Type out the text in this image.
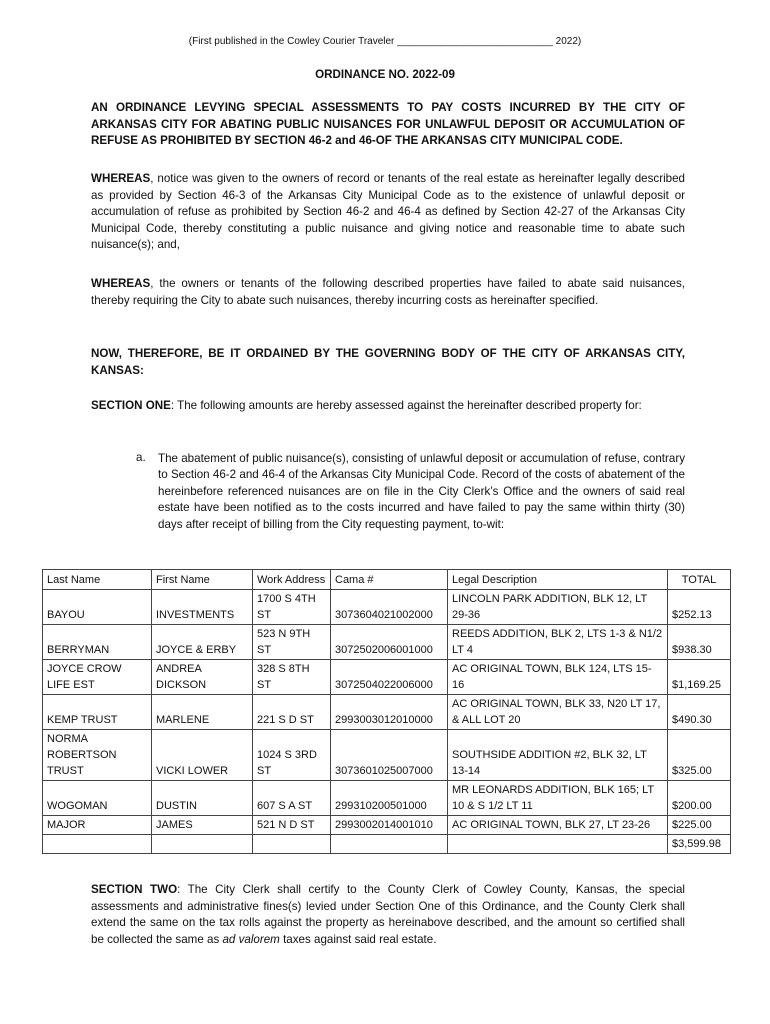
(First published in the Cowley Courier Traveler ____________________________ 2022)
ORDINANCE NO. 2022-09

AN ORDINANCE LEVYING SPECIAL ASSESSMENTS TO PAY COSTS INCURRED BY THE CITY OF ARKANSAS CITY FOR ABATING PUBLIC NUISANCES FOR UNLAWFUL DEPOSIT OR ACCUMULATION OF REFUSE AS PROHIBITED BY SECTION 46-2 and 46-OF THE ARKANSAS CITY MUNICIPAL CODE.

WHEREAS, notice was given to the owners of record or tenants of the real estate as hereinafter legally described as provided by Section 46-3 of the Arkansas City Municipal Code as to the existence of unlawful deposit or accumulation of refuse as prohibited by Section 46-2 and 46-4 as defined by Section 42-27 of the Arkansas City Municipal Code, thereby constituting a public nuisance and giving notice and reasonable time to abate such nuisance(s); and,

WHEREAS, the owners or tenants of the following described properties have failed to abate said nuisances, thereby requiring the City to abate such nuisances, thereby incurring costs as hereinafter specified.

NOW, THEREFORE, BE IT ORDAINED BY THE GOVERNING BODY OF THE CITY OF ARKANSAS CITY, KANSAS:

SECTION ONE: The following amounts are hereby assessed against the hereinafter described property for:

a. The abatement of public nuisance(s), consisting of unlawful deposit or accumulation of refuse, contrary to Section 46-2 and 46-4 of the Arkansas City Municipal Code. Record of the costs of abatement of the hereinbefore referenced nuisances are on file in the City Clerk’s Office and the owners of said real estate have been notified as to the costs incurred and have failed to pay the same within thirty (30) days after receipt of billing from the City requesting payment, to-wit:

Last Name	First Name	Work Address	Cama #	Legal Description	TOTAL
BAYOU	INVESTMENTS	1700 S 4TH ST	3073604021002000	LINCOLN PARK ADDITION, BLK 12, LT 29-36	$252.13
BERRYMAN	JOYCE & ERBY	523 N 9TH ST	3072502006001000	REEDS ADDITION, BLK 2, LTS 1-3 & N1/2 LT 4	$938.30
JOYCE CROW LIFE EST	ANDREA DICKSON	328 S 8TH ST	3072504022006000	AC ORIGINAL TOWN, BLK 124, LTS 15-16	$1,169.25
KEMP TRUST	MARLENE	221 S D ST	2993003012010000	AC ORIGINAL TOWN, BLK 33, N20 LT 17, & ALL LOT 20	$490.30
NORMA ROBERTSON TRUST	VICKI LOWER	1024 S 3RD ST	3073601025007000	SOUTHSIDE ADDITION #2, BLK 32, LT 13-14	$325.00
WOGOMAN	DUSTIN	607 S A ST	299310200501000	MR LEONARDS ADDITION, BLK 165; LT 10 & S 1/2 LT 11	$200.00
MAJOR	JAMES	521 N D ST	2993002014001010	AC ORIGINAL TOWN, BLK 27, LT 23-26	$225.00
					$3,599.98

SECTION TWO: The City Clerk shall certify to the County Clerk of Cowley County, Kansas, the special assessments and administrative fines(s) levied under Section One of this Ordinance, and the County Clerk shall extend the same on the tax rolls against the property as hereinabove described, and the amount so certified shall be collected the same as ad valorem taxes against said real estate.
